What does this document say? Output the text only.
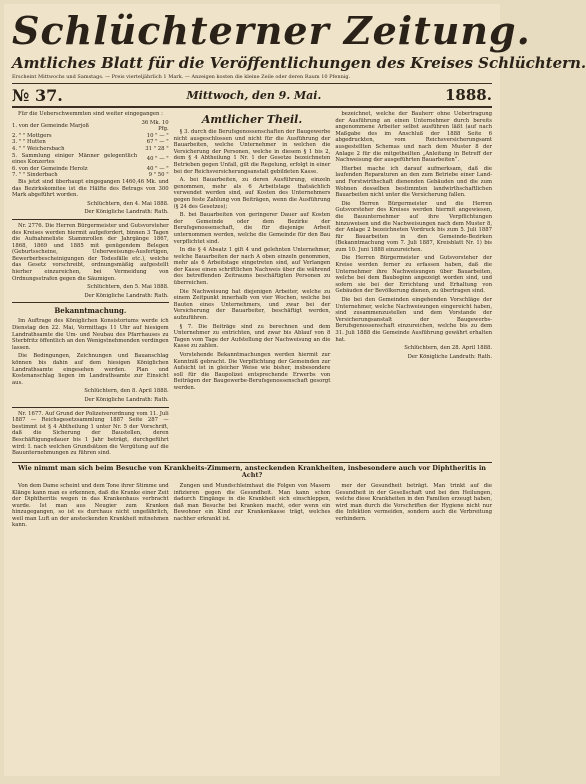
Schlüchterner Zeitung.
Amtliches Blatt für die Veröffentlichungen des Kreises Schlüchtern.
Erscheint Mittwochs und Samstags. — Preis vierteljährlich 1 Mark. — Anzeigen kosten die kleine Zeile oder deren Raum 10 Pfennig.
№ 37.	Mittwoch, den 9. Mai.	1888.

Für die Ueberschwemmten sind weiter eingegangen :

1. von der Gemeinde Marjoß	36 Mk. 10 Pfg.
2. " " Mottgers	10 " — "
3. " " Hutten	67 " — "
4. " " Weichersbach	31 " 28 "
5. Sammlung einiger Männer gelegentlich eines Konzertes	40 " — "
6. von der Gemeinde Herolz	40 " — "
7. " " Sinderbach	9 " 50 "

Bis jetzt sind überhaupt eingegangen 1460,46 Mk. und das Bezirkskomitee ist die Hälfte des Betrags von 300 Mark abgeführt worden.

Schlüchtern, den 4. Mai 1888.

Der Königliche Landrath: Rath.

Nr. 2776. Die Herren Bürgermeister und Gutsvorsteher des Kreises werden hiermit aufgefordert, binnen 3 Tagen die Aufnahmeliste Stammrollen der Jahrgänge 1867, 1868, 1869 und 1885 mit genügendem Belegen (Geburtsscheine, Ueberweisungs-Ausfertigen, Bewerberbescheinigungen der Todesfälle etc.), welche das Gesetz vorschreibt, ordnungsmäßig aufgestellt hierher einzureichen, bei Vermeidung von Ordnungsstrafen gegen die Säumigen.

Schlüchtern, den 5. Mai 1888.

Der Königliche Landrath: Rath.

Bekanntmachung.

Im Auftrage des Königlichen Konsistoriums werde ich Dienstag den 22. Mai, Vormittags 11 Uhr auf hiesigem Landrathsamte die Um- und Neubau des Pfarrhauses zu Sterbfritz öffentlich an den Wenigstnehmenden verdingen lassen.

Die Bedingungen, Zeichnungen und Bauanschlag können bis dahin auf dem hiesigen Königlichen Landrathsamte eingesehen werden. Plan und Kostenanschlag liegen im Landrathsamte zur Einsicht aus.

Schlüchtern, den 8. April 1888.

Der Königliche Landrath: Rath.

Nr. 1677. Auf Grund der Polizeiverordnung vom 11. Juli 1887 — Reichsgesetzsammlung 1887 Seite 287 — bestimmt ist § 4 Abtheilung 1 unter Nr. 5 der Vorschrift, daß die Sicherung der Baustellen, deren Beschäftigungsdauer bis 1 Jahr beträgt, durchgeführt wird: I. nach welchen Grundsätzen die Vergütung auf die Bauunternehmungen zu führen sind.

Amtlicher Theil.

§ 3. durch die Berufsgenossenschaften der Baugewerbe nicht ausgeschlossen und nicht für die Ausführung der Bauarbeiten, welche Unternehmer in welchen die Versicherung der Personen, welche in diesem § 1 bis 2, dem § 4 Abtheilung 1 Nr. 1 der Gesetze bezeichneten Betrieben gegen Unfall, gilt die Regelung, erfolgt in einer bei der Reichsversicherungsanstalt gebildeten Kasse.

A. bei Bauarbeiten, zu deren Ausführung, einzeln genommen, mehr als 6 Arbeitstage thatsächlich verwendet werden sind, auf Kosten des Unternehmers gegen feste Zahlung von Beiträgen, wenn die Ausführung (§ 24 des Gesetzes);

B. bei Bauarbeiten von geringerer Dauer auf Kosten der Gemeinde oder dem Bezirke der Berufsgenossenschaft, die für diejenige Arbeit unternommen werden, welche die Gemeinde für den Bau verpflichtet sind.

In die § 4 Absatz 1 gilt 4 und gelehnten Unternehmer, welche Bauarbeiten der nach A oben einzeln genommen, mehr als 6 Arbeitstage eingetreten sind, auf Verlangen der Kasse einen schriftlichen Nachweis über die während des betreffenden Zeitraums beschäftigten Personen zu überreichen.

Die Nachweisung hat diejenigen Arbeiter, welche zu einem Zeitpunkt innerhalb von vier Wochen, welche bei Bauten eines Unternehmers, und zwar bei der Versicherung der Bauarbeiter, beschäftigt werden, aufzuführen.

§ 7. Die Beiträge sind zu berechnen und dem Unternehmer zu entrichten, und zwar bis Ablauf von 8 Tagen vom Tage der Aufstellung der Nachweisung an die Kasse zu zahlen.

Vorstehende Bekanntmachungen werden hiermit zur Kenntniß gebracht. Die Verpflichtung der Gemeinden zur Aufsicht ist in gleicher Weise wie bisher, insbesondere soll für die Baupolizei entsprechende Erwerbs von Beiträgen der Baugewerbe-Berufsgenossenschaft gesorgt werden.

bezeichnet, welche der Bauherr ohne Uebertragung der Ausführung an einen Unternehmer durch bereits angenommene Arbeiter selbst ausführen läßt (auf nach Maßgabe des im Anschluß der 1888 Seite 6 abgedruckten, vom Reichsversicherungsamt ausgestellten Schemas und nach dem Muster 8 der Anlage 2 für die mitgetheilten „Anleitung in Betreff der Nachweisung der ausgeführten Bauarbeiten“.

Hierbei mache ich darauf aufmerksam, daß die laufenden Reparaturen an den zum Betriebe einer Land- und Forstwirthschaft dienenden Gebäuden und die zum Wohnen desselben bestimmten landwirthschaftlichen Bauarbeiten nicht unter die Versicherung fallen.

Die Herren Bürgermeister und die Herren Gutsvorsteher des Kreises werden hiermit angewiesen, die Bauunternehmer auf ihre Verpflichtungen hinzuweisen und die Nachweisungen nach dem Muster 8, der Anlage 2 bezeichneten Vordruck bis zum 5. Juli 1887 für Bauarbeiten in den Gemeinde-Bezirken (Bekanntmachung vom 7. Juli 1887, Kreisblatt Nr. 1) bis zum 10. Juni 1888 einzureichen.

Die Herren Bürgermeister und Gutsvorsteher der Kreise werden ferner zu erfassen haben, daß die Unternehmer ihre Nachweisungen über Bauarbeiten, welche bei dem Baubeginn angezeigt worden sind, und sofern sie bei der Errichtung und Erhaltung von Gebäuden der Bevölkerung dienen, zu übertragen sind.

Die bei den Gemeinden eingehenden Vorschläge der Unternehmer, welche Nachweisungen eingereicht haben, sind zusammenzustellen und dem Vorstande der Versicherungsanstalt der Baugewerbs-Berufsgenossenschaft einzureichen, welche bis zu dem 31. Juli 1888 die Gemeinde Ausführung gewährt erhalten hat.

Schlüchtern, den 28. April 1888.

Der Königliche Landrath: Rath.

Wie nimmt man sich beim Besuche von Krankheits-Zimmern, ansteckenden Krankheiten, insbesondere auch vor Diphtheritis in Acht?

Von dem Dame scheint und dem Tone ihrer Stimme und Klänge kann man es erkennen, daß die Kranke einer Zeit der Diphtheritis wegen in das Krankenhaus verbracht wurde. Ist man aus Neugier zum Kranken hinzugegangen, so ist es durchaus nicht ungefährlich, weil man Luft an der ansteckenden Krankheit mitnehmen kann.

Zungen und Mundschleimhaut die Folgen von Masern infizieren gegen die Gesundheit. Man kann schon dadurch Eingänge in die Krankheit sich einschleppen, daß man Besuche bei Kranken macht, oder wenn ein Bewohner ein Kind zur Krankenkasse trägt, welches nachher erkrankt ist.

mer der Gesundheit beträgt. Man trinkt auf die Gesundheit in der Gesellschaft und bei den Heilungen, welche diese Krankheiten in den Familien erzeugt haben, wird man durch die Vorschriften der Hygiene nicht nur die Infektion vermeiden, sondern auch die Verbreitung verhindern.
